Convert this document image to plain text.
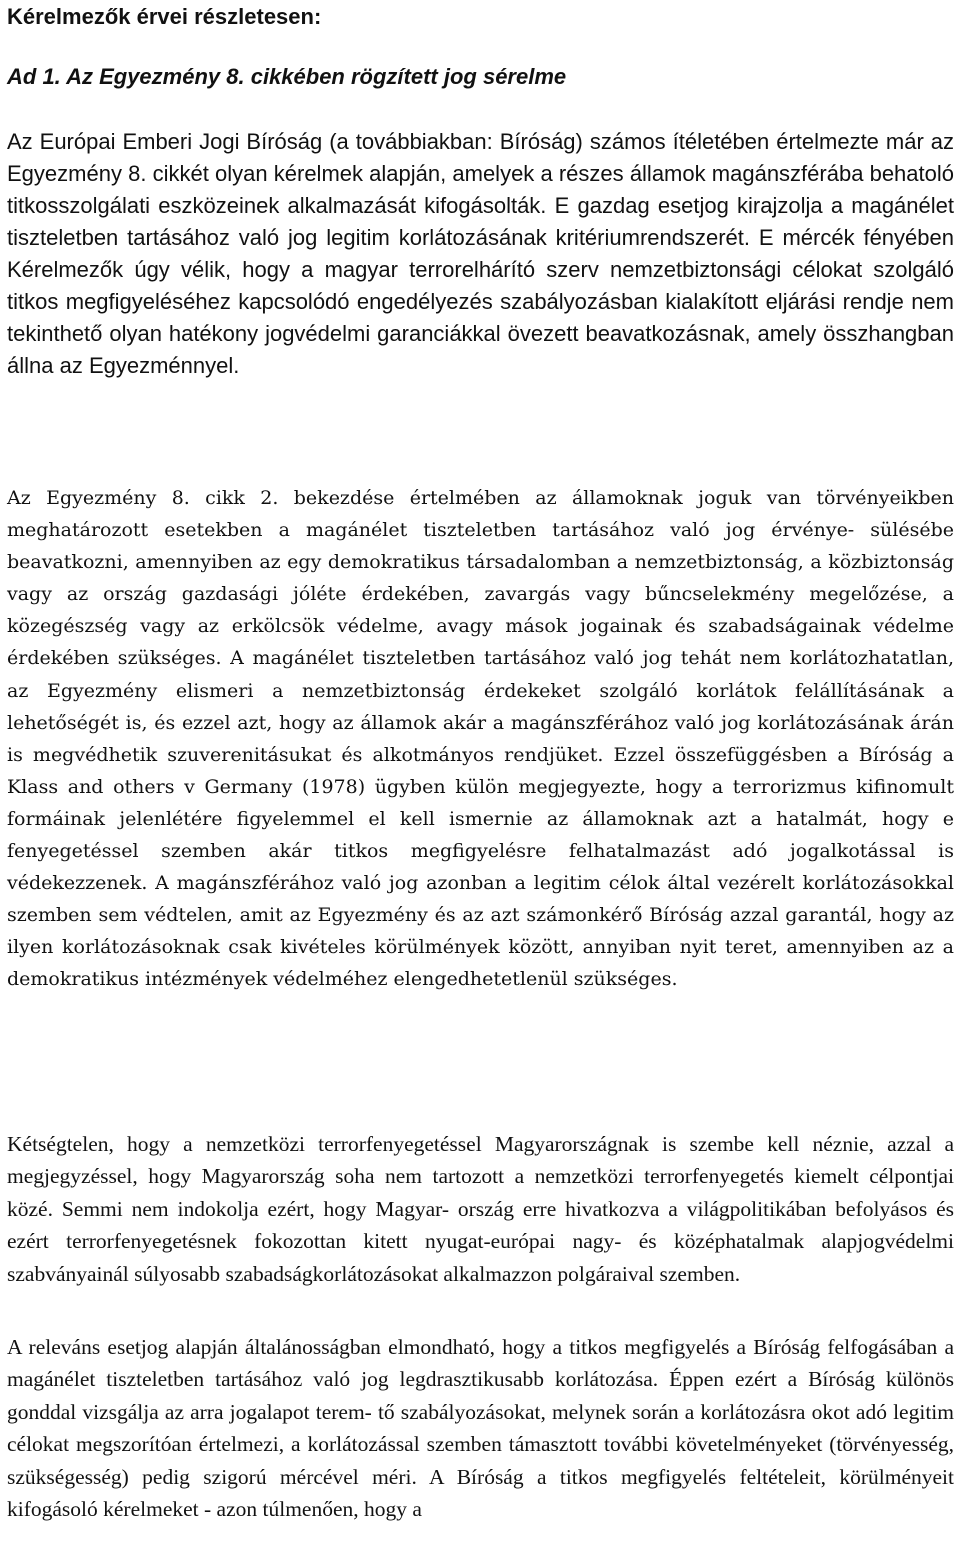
Kérelmezők érvei részletesen:
Ad 1. Az Egyezmény 8. cikkében rögzített jog sérelme

Az Európai Emberi Jogi Bíróság (a továbbiakban: Bíróság) számos ítéletében értelmezte már az Egyezmény 8. cikkét olyan kérelmek alapján, amelyek a részes államok magánszférába behatoló titkosszolgálati eszközeinek alkalmazását kifogásolták. E gazdag esetjog kirajzolja a magánélet tiszteletben tartásához való jog legitim korlátozásának kritériumrendszerét. E mércék fényében Kérelmezők úgy vélik, hogy a magyar terrorelhárító szerv nemzetbiztonsági célokat szolgáló titkos megfigyeléséhez kapcsolódó engedélyezés szabályozásban kialakított eljárási rendje nem tekinthető olyan hatékony jogvédelmi garanciákkal övezett beavatkozásnak, amely összhangban állna az Egyezménnyel.

Az Egyezmény 8. cikk 2. bekezdése értelmében az államoknak joguk van törvényeikben meghatározott esetekben a magánélet tiszteletben tartásához való jog érvénye- sülésébe beavatkozni, amennyiben az egy demokratikus társadalomban a nemzetbiztonság, a közbiztonság vagy az ország gazdasági jóléte érdekében, zavargás vagy bűncselekmény megelőzése, a közegészség vagy az erkölcsök védelme, avagy mások jogainak és szabadságainak védelme érdekében szükséges. A magánélet tiszteletben tartásához való jog tehát nem korlátozhatatlan, az Egyezmény elismeri a nemzetbiztonság érdekeket szolgáló korlátok felállításának a lehetőségét is, és ezzel azt, hogy az államok akár a magánszférához való jog korlátozásának árán is megvédhetik szuverenitásukat és alkotmányos rendjüket. Ezzel összefüggésben a Bíróság a Klass and others v Germany (1978) ügyben külön megjegyezte, hogy a terrorizmus kifinomult formáinak jelenlétére figyelemmel el kell ismernie az államoknak azt a hatalmát, hogy e fenyegetéssel szemben akár titkos megfigyelésre felhatalmazást adó jogalkotással is védekezzenek. A magánszférához való jog azonban a legitim célok által vezérelt korlátozásokkal szemben sem védtelen, amit az Egyezmény és az azt számonkérő Bíróság azzal garantál, hogy az ilyen korlátozásoknak csak kivételes körülmények között, annyiban nyit teret, amennyiben az a demokratikus intézmények védelméhez elengedhetetlenül szükséges.

Kétségtelen, hogy a nemzetközi terrorfenyegetéssel Magyarországnak is szembe kell néznie, azzal a megjegyzéssel, hogy Magyarország soha nem tartozott a nemzetközi terrorfenyegetés kiemelt célpontjai közé. Semmi nem indokolja ezért, hogy Magyar- ország erre hivatkozva a világpolitikában befolyásos és ezért terrorfenyegetésnek fokozottan kitett nyugat-európai nagy- és középhatalmak alapjogvédelmi szabványainál súlyosabb szabadságkorlátozásokat alkalmazzon polgáraival szemben.

A releváns esetjog alapján általánosságban elmondható, hogy a titkos megfigyelés a Bíróság felfogásában a magánélet tiszteletben tartásához való jog legdrasztikusabb korlátozása. Éppen ezért a Bíróság különös gonddal vizsgálja az arra jogalapot terem- tő szabályozásokat, melynek során a korlátozásra okot adó legitim célokat megszorítóan értelmezi, a korlátozással szemben támasztott további követelményeket (törvényesség, szükségesség) pedig szigorú mércével méri. A Bíróság a titkos megfigyelés feltételeit, körülményeit kifogásoló kérelmeket - azon túlmenően, hogy a
